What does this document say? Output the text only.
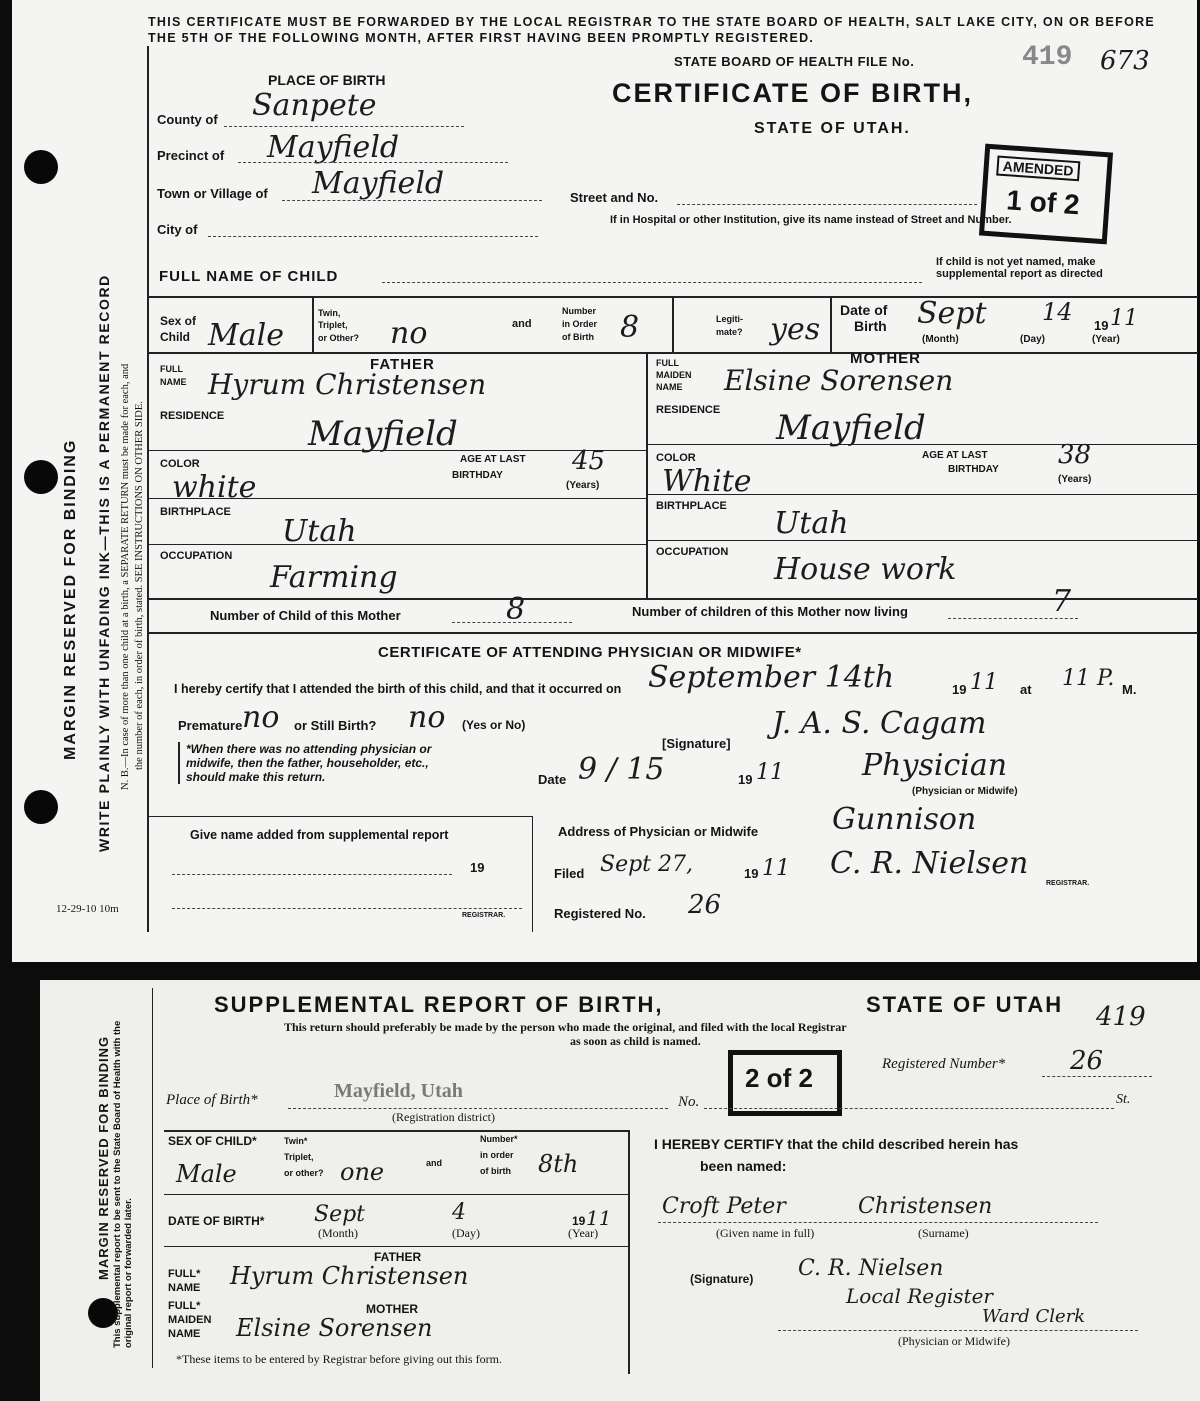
THIS CERTIFICATE MUST BE FORWARDED BY THE LOCAL REGISTRAR TO THE STATE BOARD OF HEALTH, SALT LAKE CITY, ON OR BEFORE THE 5TH OF THE FOLLOWING MONTH, AFTER FIRST HAVING BEEN PROMPTLY REGISTERED.
MARGIN RESERVED FOR BINDING WRITE PLAINLY WITH UNFADING INK—THIS IS A PERMANENT RECORD N. B.—In case of more than one child at a birth, a SEPARATE RETURN must be made for each, and the number of each, in order of birth, stated. SEE INSTRUCTIONS ON OTHER SIDE.
12-29-10 10m
STATE BOARD OF HEALTH FILE No.	419 673
PLACE OF BIRTH
County of Sanpete
Precinct of Mayfield
Town or Village of Mayfield
City of
CERTIFICATE OF BIRTH,
STATE OF UTAH.
AMENDED
1 of 2
Street and No.
If in Hospital or other Institution, give its name instead of Street and Number.
FULL NAME OF CHILD
If child is not yet named, make
supplemental report as directed
Sex of
Child Male
Twin,
Triplet,
or Other? no	and
Number
in Order
of Birth 8	Legiti-
mate? yes
Date of
Birth Sept 14 19 11
(Month)	(Day)	(Year)
FATHER	MOTHER
FULL
NAME Hyrum Christensen
FULL
MAIDEN
NAME Elsine Sorensen
RESIDENCE Mayfield
RESIDENCE Mayfield
COLOR
white
AGE AT LAST
BIRTHDAY	45
(Years)
COLOR
White
AGE AT LAST
BIRTHDAY 38
(Years)
BIRTHPLACE
Utah
BIRTHPLACE Utah
OCCUPATION
Farming
OCCUPATION House work
Number of Child of this Mother	8	Number of children of this Mother now living	7
CERTIFICATE OF ATTENDING PHYSICIAN OR MIDWIFE*
I hereby certify that I attended the birth of this child, and that it occurred on September 14th	19 11 at 11 P. M.
Premature no or Still Birth? no (Yes or No)
*When there was no attending physician or
midwife, then the father, householder, etc.,
should make this return.
[Signature]
J. A. S. Cagam
Date 9 / 15	19 11	Physician
(Physician or Midwife)
Address of Physician or Midwife Gunnison
Give name added from supplemental report
19
REGISTRAR.
Filed Sept 27,	19 11 C. R. Nielsen
REGISTRAR.
Registered No. 26
MARGIN RESERVED FOR BINDING This supplemental report to be sent to the State Board of Health with the original report or forwarded later.
SUPPLEMENTAL REPORT OF BIRTH,	STATE OF UTAH 419
This return should preferably be made by the person who made the original, and filed with the local Registrar
as soon as child is named.
2 of 2	Registered Number* 26
Place of Birth*	Mayfield, Utah
(Registration district)
No.	St.
SEX OF CHILD*
Male
Twin*
Triplet,
or other? one	and
Number*
in order
of birth 8th
DATE OF BIRTH* Sept	4	19 11
(Month)	(Day)	(Year)
FATHER
FULL*
NAME Hyrum Christensen
MOTHER
FULL*
MAIDEN
NAME Elsine Sorensen
*These items to be entered by Registrar before giving out this form.
I HEREBY CERTIFY that the child described herein has
been named:
Croft Peter	Christensen
(Given name in full)	(Surname)
(Signature) C. R. Nielsen
Local Register
Ward Clerk
(Physician or Midwife)
